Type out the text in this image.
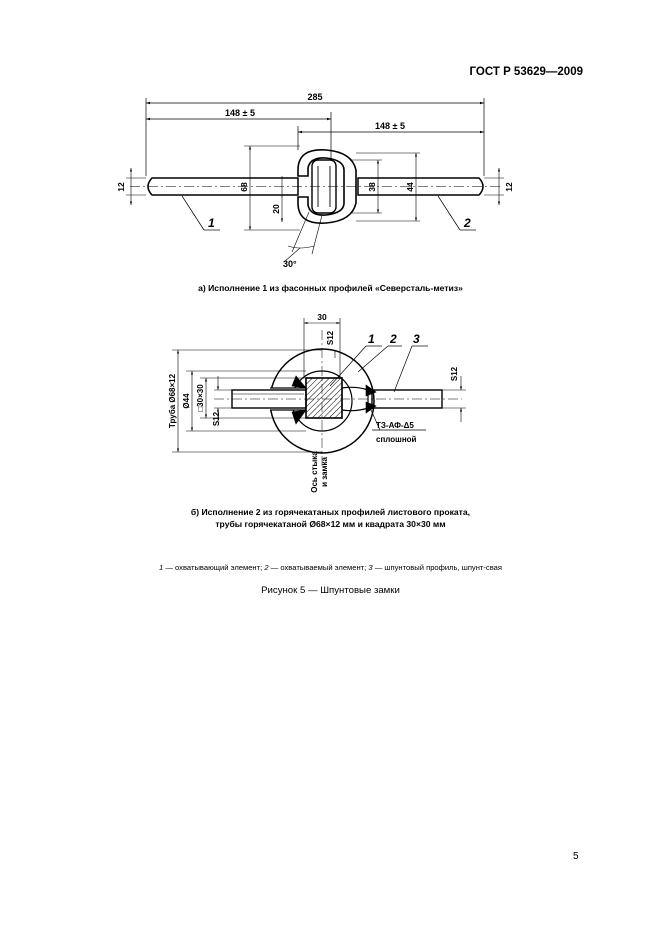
ГОСТ Р 53629—2009
285
148 ± 5
148 ± 5
12	12
68
20
38	44
30°
1	2
30
S12
Труба Ø68×12 Ø44 □30×30
S12
S12
ТЗ-АФ-Δ5
сплошной
Ось стыка и замка
1 2 3
а) Исполнение 1 из фасонных профилей «Северсталь-метиз»
б) Исполнение 2 из горячекатаных профилей листового проката,
трубы горячекатаной Ø68×12 мм и квадрата 30×30 мм
1 — охватывающий элемент; 2 — охватываемый элемент; 3 — шпунтовый профиль, шпунт-свая
Рисунок 5 — Шпунтовые замки
5
